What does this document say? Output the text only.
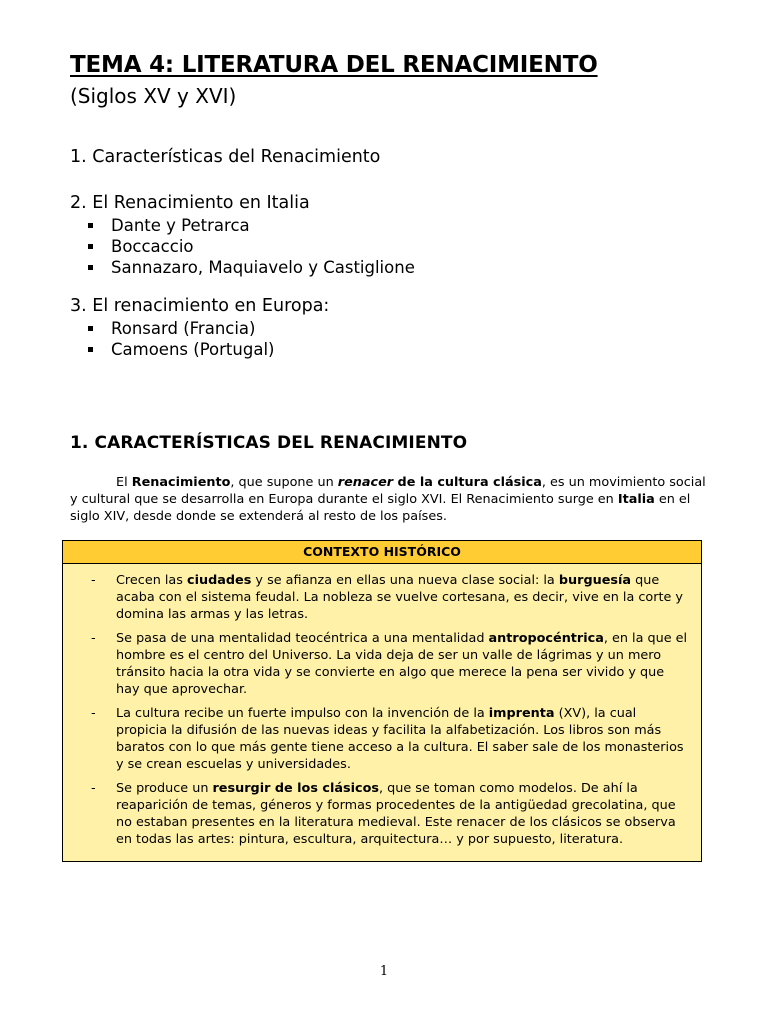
TEMA 4: LITERATURA DEL RENACIMIENTO

(Siglos XV y XVI)

1. Características del Renacimiento

2. El Renacimiento en Italia

Dante y Petrarca
Boccaccio
Sannazaro, Maquiavelo y Castiglione

3. El renacimiento en Europa:

Ronsard (Francia)
Camoens (Portugal)
1. CARACTERÍSTICAS DEL RENACIMIENTO

El Renacimiento, que supone un renacer de la cultura clásica, es un movimiento social y cultural que se desarrolla en Europa durante el siglo XVI. El Renacimiento surge en Italia en el siglo XIV, desde donde se extenderá al resto de los países.

CONTEXTO HISTÓRICO
- Crecen las ciudades y se afianza en ellas una nueva clase social: la burguesía que acaba con el sistema feudal. La nobleza se vuelve cortesana, es decir, vive en la corte y domina las armas y las letras.
- Se pasa de una mentalidad teocéntrica a una mentalidad antropocéntrica, en la que el hombre es el centro del Universo. La vida deja de ser un valle de lágrimas y un mero tránsito hacia la otra vida y se convierte en algo que merece la pena ser vivido y que hay que aprovechar.
- La cultura recibe un fuerte impulso con la invención de la imprenta (XV), la cual propicia la difusión de las nuevas ideas y facilita la alfabetización. Los libros son más baratos con lo que más gente tiene acceso a la cultura. El saber sale de los monasterios y se crean escuelas y universidades.
- Se produce un resurgir de los clásicos, que se toman como modelos. De ahí la reaparición de temas, géneros y formas procedentes de la antigüedad grecolatina, que no estaban presentes en la literatura medieval. Este renacer de los clásicos se observa en todas las artes: pintura, escultura, arquitectura… y por supuesto, literatura.
1
